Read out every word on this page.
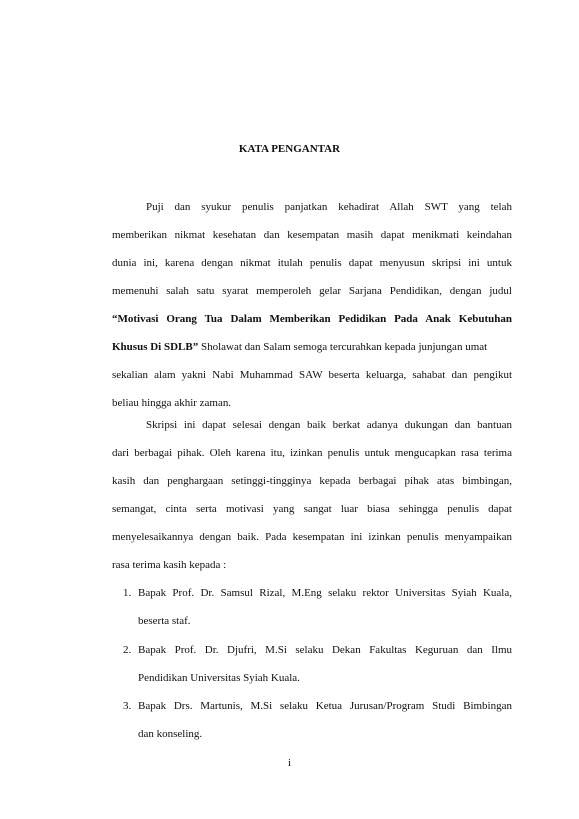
KATA PENGANTAR
Puji dan syukur penulis panjatkan kehadirat Allah SWT yang telah
memberikan nikmat kesehatan dan kesempatan masih dapat menikmati keindahan
dunia ini, karena dengan nikmat itulah penulis dapat menyusun skripsi ini untuk
memenuhi salah satu syarat memperoleh gelar Sarjana Pendidikan, dengan judul
“Motivasi Orang Tua Dalam Memberikan Pedidikan Pada Anak Kebutuhan
Khusus Di SDLB” Sholawat dan Salam semoga tercurahkan kepada junjungan umat
sekalian alam yakni Nabi Muhammad SAW beserta keluarga, sahabat dan pengikut
beliau hingga akhir zaman.
Skripsi ini dapat selesai dengan baik berkat adanya dukungan dan bantuan
dari berbagai pihak. Oleh karena itu, izinkan penulis untuk mengucapkan rasa terima
kasih dan penghargaan setinggi-tingginya kepada berbagai pihak atas bimbingan,
semangat, cinta serta motivasi yang sangat luar biasa sehingga penulis dapat
menyelesaikannya dengan baik. Pada kesempatan ini izinkan penulis menyampaikan
rasa terima kasih kepada :
1. Bapak Prof. Dr. Samsul Rizal, M.Eng selaku rektor Universitas Syiah Kuala,
beserta staf.
2. Bapak Prof. Dr. Djufri, M.Si selaku Dekan Fakultas Keguruan dan Ilmu
Pendidikan Universitas Syiah Kuala.
3. Bapak Drs. Martunis, M.Si selaku Ketua Jurusan/Program Studi Bimbingan
dan konseling.
i
